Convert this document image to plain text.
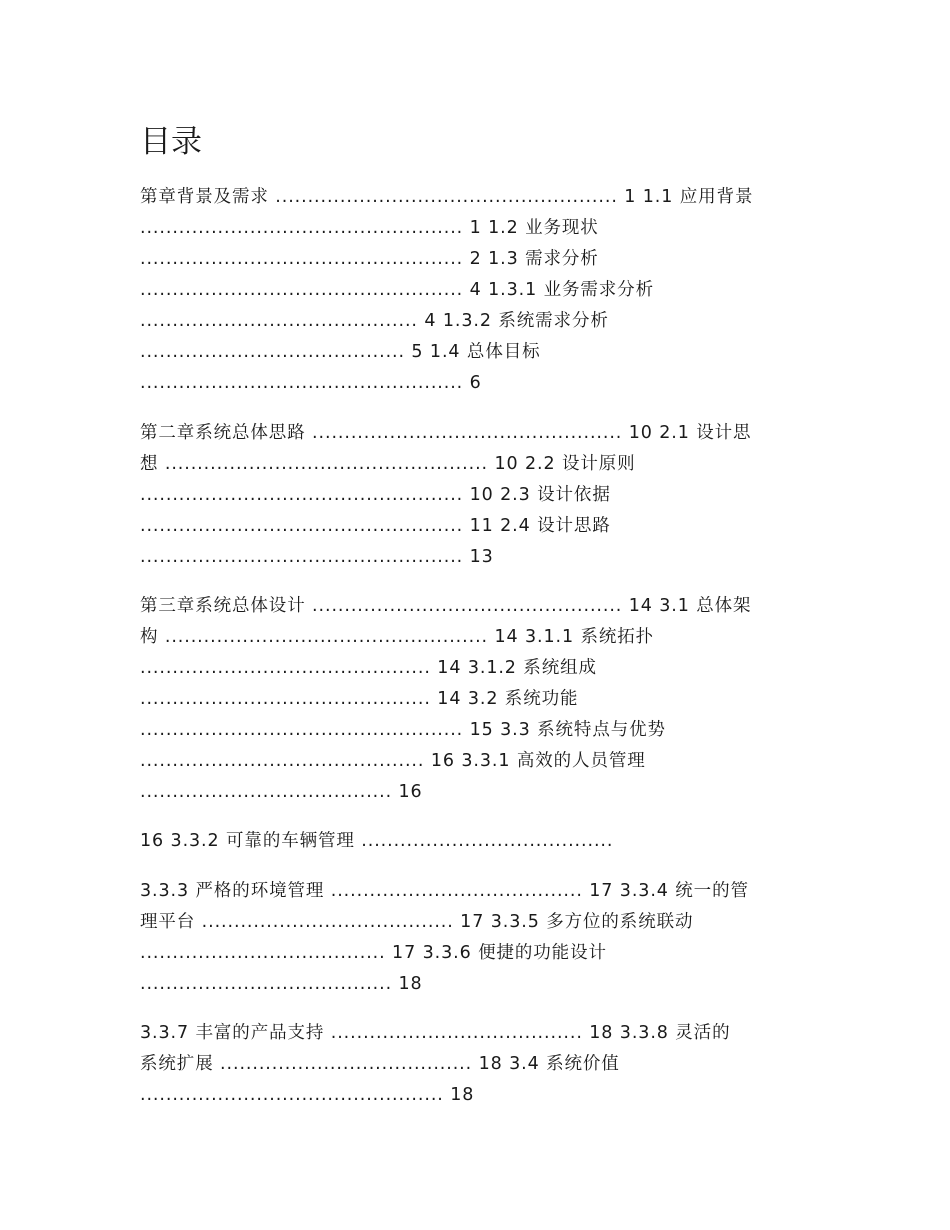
目录
第章背景及需求 ..................................................... 1 1.1 应用背景
.................................................. 1 1.2 业务现状
.................................................. 2 1.3 需求分析
.................................................. 4 1.3.1 业务需求分析
........................................... 4 1.3.2 系统需求分析
......................................... 5 1.4 总体目标
.................................................. 6
第二章系统总体思路 ................................................ 10 2.1 设计思
想 .................................................. 10 2.2 设计原则
.................................................. 10 2.3 设计依据
.................................................. 11 2.4 设计思路
.................................................. 13
第三章系统总体设计 ................................................ 14 3.1 总体架
构 .................................................. 14 3.1.1 系统拓扑
............................................. 14 3.1.2 系统组成
............................................. 14 3.2 系统功能
.................................................. 15 3.3 系统特点与优势
............................................ 16 3.3.1 高效的人员管理
....................................... 16
16 3.3.2 可靠的车辆管理 .......................................
3.3.3 严格的环境管理 ....................................... 17 3.3.4 统一的管
理平台 ....................................... 17 3.3.5 多方位的系统联动
...................................... 17 3.3.6 便捷的功能设计
....................................... 18
3.3.7 丰富的产品支持 ....................................... 18 3.3.8 灵活的
系统扩展 ....................................... 18 3.4 系统价值
............................................... 18
